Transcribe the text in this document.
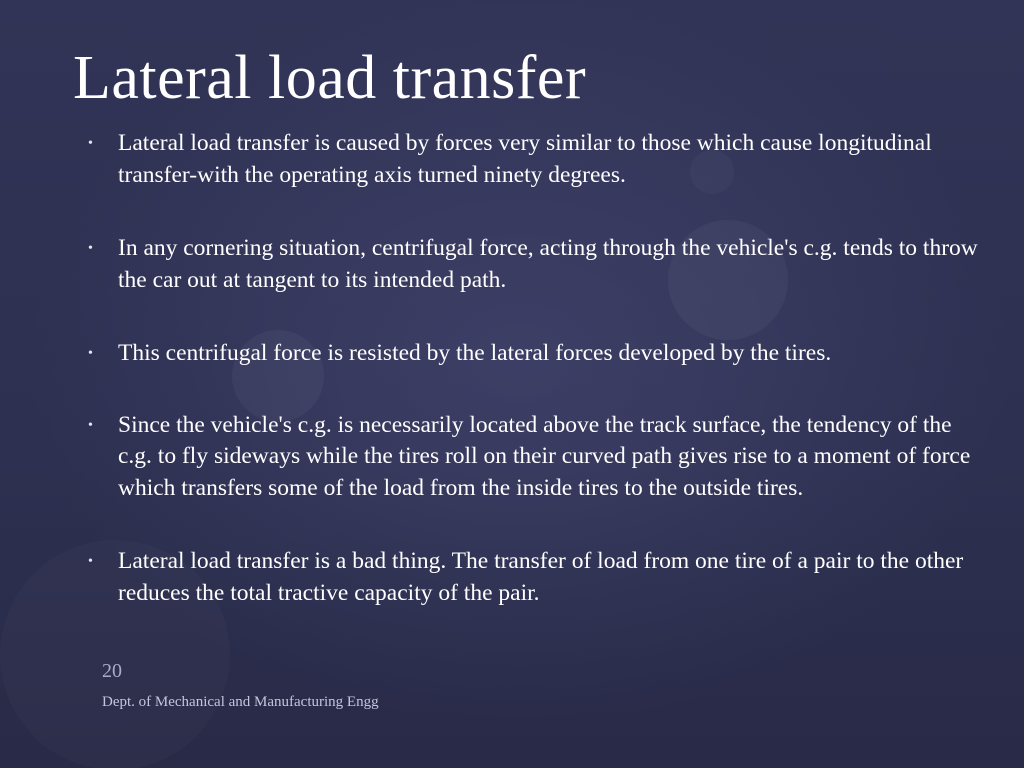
Lateral load transfer
• Lateral load transfer is caused by forces very similar to those which cause longitudinal transfer-with the operating axis turned ninety degrees.
• In any cornering situation, centrifugal force, acting through the vehicle's c.g. tends to throw the car out at tangent to its intended path.
• This centrifugal force is resisted by the lateral forces developed by the tires.
• Since the vehicle's c.g. is necessarily located above the track surface, the tendency of the c.g. to fly sideways while the tires roll on their curved path gives rise to a moment of force which transfers some of the load from the inside tires to the outside tires.
• Lateral load transfer is a bad thing. The transfer of load from one tire of a pair to the other reduces the total tractive capacity of the pair.
20
Dept. of Mechanical and Manufacturing Engg
